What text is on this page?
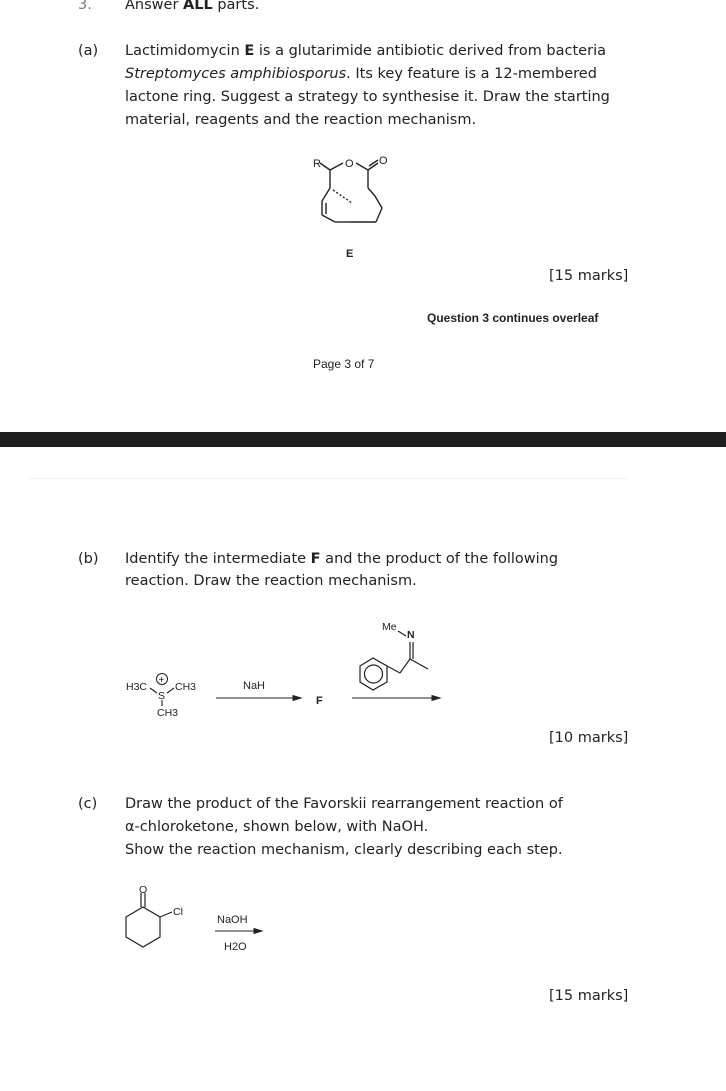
3. Answer ALL parts.
(a) Lactimidomycin E is a glutarimide antibiotic derived from bacteria
Streptomyces amphibiosporus. Its key feature is a 12-membered
lactone ring. Suggest a strategy to synthesise it. Draw the starting
material, reagents and the reaction mechanism.
R O O
E
[15 marks]
Question 3 continues overleaf
Page 3 of 7
(b) Identify the intermediate F and the product of the following
reaction. Draw the reaction mechanism.
H3C
+
S
CH3
CH3
NaH
F
Me
N
[10 marks]
(c) Draw the product of the Favorskii rearrangement reaction of
α-chloroketone, shown below, with NaOH.
Show the reaction mechanism, clearly describing each step.
O
Cl
NaOH
H2O
[15 marks]
